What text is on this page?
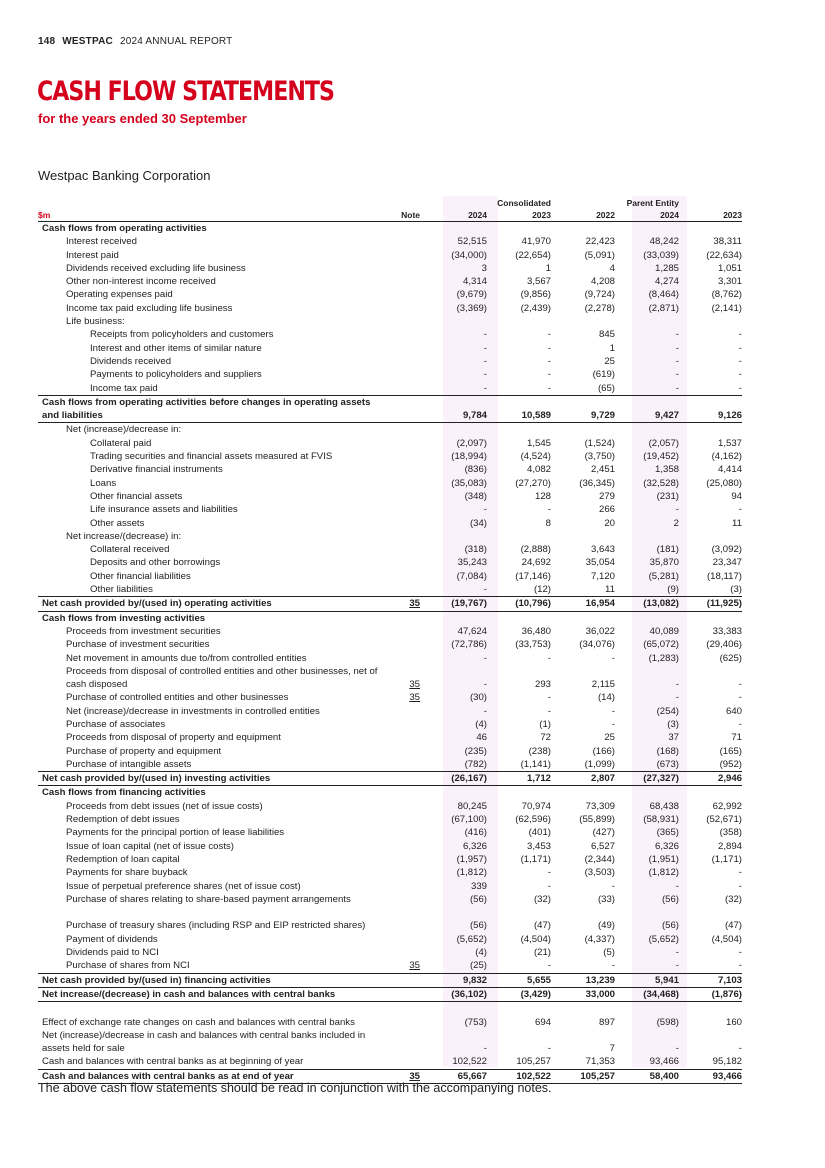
148 WESTPAC 2024 ANNUAL REPORT
CASH FLOW STATEMENTS
for the years ended 30 September
Westpac Banking Corporation
			Consolidated		Parent Entity	
$m	Note	2024	2023	2022	2024	2023
Cash flows from operating activities						
Interest received		52,515	41,970	22,423	48,242	38,311
Interest paid		(34,000)	(22,654)	(5,091)	(33,039)	(22,634)
Dividends received excluding life business		3	1	4	1,285	1,051
Other non-interest income received		4,314	3,567	4,208	4,274	3,301
Operating expenses paid		(9,679)	(9,856)	(9,724)	(8,464)	(8,762)
Income tax paid excluding life business		(3,369)	(2,439)	(2,278)	(2,871)	(2,141)
Life business:						
Receipts from policyholders and customers		-	-	845	-	-
Interest and other items of similar nature		-	-	1	-	-
Dividends received		-	-	25	-	-
Payments to policyholders and suppliers		-	-	(619)	-	-
Income tax paid		-	-	(65)	-	-
Cash flows from operating activities before changes in operating assets and liabilities		9,784	10,589	9,729	9,427	9,126
Net (increase)/decrease in:						
Collateral paid		(2,097)	1,545	(1,524)	(2,057)	1,537
Trading securities and financial assets measured at FVIS		(18,994)	(4,524)	(3,750)	(19,452)	(4,162)
Derivative financial instruments		(836)	4,082	2,451	1,358	4,414
Loans		(35,083)	(27,270)	(36,345)	(32,528)	(25,080)
Other financial assets		(348)	128	279	(231)	94
Life insurance assets and liabilities		-	-	266	-	-
Other assets		(34)	8	20	2	11
Net increase/(decrease) in:						
Collateral received		(318)	(2,888)	3,643	(181)	(3,092)
Deposits and other borrowings		35,243	24,692	35,054	35,870	23,347
Other financial liabilities		(7,084)	(17,146)	7,120	(5,281)	(18,117)
Other liabilities		-	(12)	11	(9)	(3)
Net cash provided by/(used in) operating activities	35	(19,767)	(10,796)	16,954	(13,082)	(11,925)
Cash flows from investing activities						
Proceeds from investment securities		47,624	36,480	36,022	40,089	33,383
Purchase of investment securities		(72,786)	(33,753)	(34,076)	(65,072)	(29,406)
Net movement in amounts due to/from controlled entities		-	-	-	(1,283)	(625)
Proceeds from disposal of controlled entities and other businesses, net of cash disposed	35	-	293	2,115	-	-
Purchase of controlled entities and other businesses	35	(30)	-	(14)	-	-
Net (increase)/decrease in investments in controlled entities		-	-	-	(254)	640
Purchase of associates		(4)	(1)	-	(3)	-
Proceeds from disposal of property and equipment		46	72	25	37	71
Purchase of property and equipment		(235)	(238)	(166)	(168)	(165)
Purchase of intangible assets		(782)	(1,141)	(1,099)	(673)	(952)
Net cash provided by/(used in) investing activities		(26,167)	1,712	2,807	(27,327)	2,946
Cash flows from financing activities						
Proceeds from debt issues (net of issue costs)		80,245	70,974	73,309	68,438	62,992
Redemption of debt issues		(67,100)	(62,596)	(55,899)	(58,931)	(52,671)
Payments for the principal portion of lease liabilities		(416)	(401)	(427)	(365)	(358)
Issue of loan capital (net of issue costs)		6,326	3,453	6,527	6,326	2,894
Redemption of loan capital		(1,957)	(1,171)	(2,344)	(1,951)	(1,171)
Payments for share buyback		(1,812)	-	(3,503)	(1,812)	-
Issue of perpetual preference shares (net of issue cost)		339	-	-	-	-
Purchase of shares relating to share-based payment arrangements		(56)	(32)	(33)	(56)	(32)
Purchase of treasury shares (including RSP and EIP restricted shares)		(56)	(47)	(49)	(56)	(47)
Payment of dividends		(5,652)	(4,504)	(4,337)	(5,652)	(4,504)
Dividends paid to NCI		(4)	(21)	(5)	-	-
Purchase of shares from NCI	35	(25)	-	-	-	-
Net cash provided by/(used in) financing activities		9,832	5,655	13,239	5,941	7,103
Net increase/(decrease) in cash and balances with central banks		(36,102)	(3,429)	33,000	(34,468)	(1,876)
Effect of exchange rate changes on cash and balances with central banks		(753)	694	897	(598)	160
Net (increase)/decrease in cash and balances with central banks included in assets held for sale		-	-	7	-	-
Cash and balances with central banks as at beginning of year		102,522	105,257	71,353	93,466	95,182
Cash and balances with central banks as at end of year	35	65,667	102,522	105,257	58,400	93,466
The above cash flow statements should be read in conjunction with the accompanying notes.
